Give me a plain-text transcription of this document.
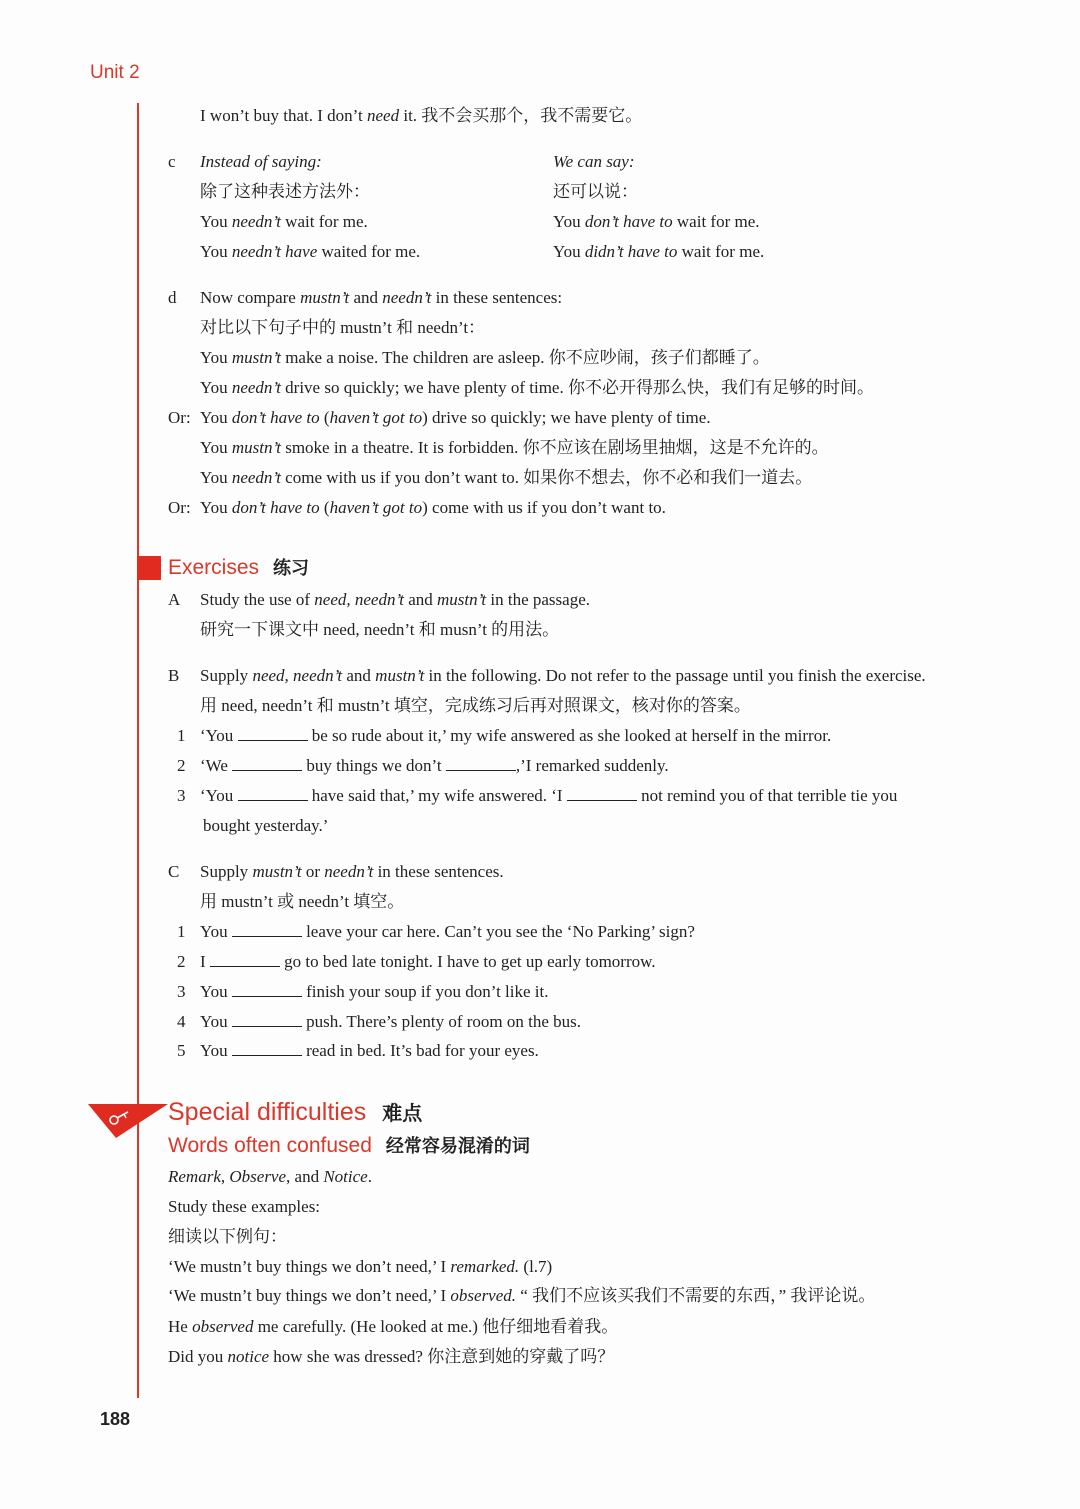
Unit 2
I won’t buy that. I don’t need it. 我不会买那个，我不需要它。
c Instead of saying:	We can say:
除了这种表述方法外：	还可以说：
You needn’t wait for me.	You don’t have to wait for me.
You needn’t have waited for me.	You didn’t have to wait for me.
d Now compare mustn’t and needn’t in these sentences:
对比以下句子中的 mustn’t 和 needn’t：
You mustn’t make a noise. The children are asleep. 你不应吵闹，孩子们都睡了。
You needn’t drive so quickly; we have plenty of time. 你不必开得那么快，我们有足够的时间。
Or: You don’t have to (haven’t got to) drive so quickly; we have plenty of time.
You mustn’t smoke in a theatre. It is forbidden. 你不应该在剧场里抽烟，这是不允许的。
You needn’t come with us if you don’t want to. 如果你不想去，你不必和我们一道去。
Or: You don’t have to (haven’t got to) come with us if you don’t want to.
Exercises 练习
A Study the use of need, needn’t and mustn’t in the passage.
研究一下课文中 need, needn’t 和 musn’t 的用法。
B Supply need, needn’t and mustn’t in the following. Do not refer to the passage until you finish the exercise.
用 need, needn’t 和 mustn’t 填空，完成练习后再对照课文，核对你的答案。
1 ‘You	be so rude about it,’ my wife answered as she looked at herself in the mirror.
2 ‘We	buy things we don’t	,’I remarked suddenly.
3 ‘You	have said that,’ my wife answered. ‘I	not remind you of that terrible tie you
bought yesterday.’
C Supply mustn’t or needn’t in these sentences.
用 mustn’t 或 needn’t 填空。
1 You	leave your car here. Can’t you see the ‘No Parking’ sign?
2 I	go to bed late tonight. I have to get up early tomorrow.
3 You	finish your soup if you don’t like it.
4 You	push. There’s plenty of room on the bus.
5 You	read in bed. It’s bad for your eyes.
Special difficulties 难点
Words often confused 经常容易混淆的词
Remark, Observe, and Notice.
Study these examples:
细读以下例句：
‘We mustn’t buy things we don’t need,’ I remarked. (l.7)
‘We mustn’t buy things we don’t need,’ I observed. “ 我们不应该买我们不需要的东西，” 我评论说。
He observed me carefully. (He looked at me.) 他仔细地看着我。
Did you notice how she was dressed? 你注意到她的穿戴了吗？
188
